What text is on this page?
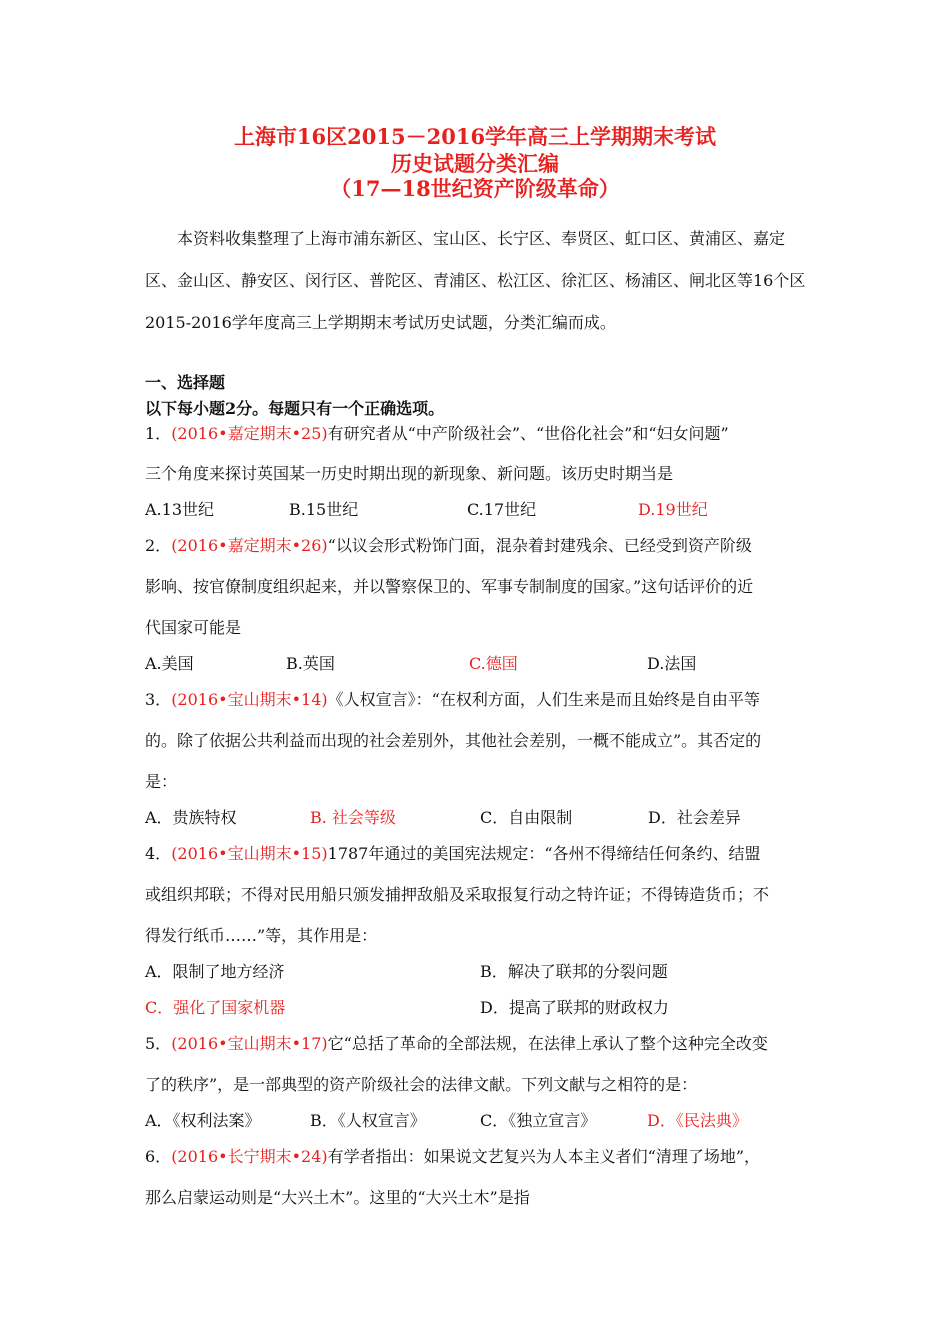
上海市16区2015－2016学年高三上学期期末考试
历史试题分类汇编
（17—18世纪资产阶级革命）
本资料收集整理了上海市浦东新区、宝山区、长宁区、奉贤区、虹口区、黄浦区、嘉定区、金山区、静安区、闵行区、普陀区、青浦区、松江区、徐汇区、杨浦区、闸北区等16个区2015-2016学年度高三上学期期末考试历史试题，分类汇编而成。
一、选择题
以下每小题2分。每题只有一个正确选项。
1．(2016•嘉定期末•25)有研究者从“中产阶级社会”、“世俗化社会”和“妇女问题”
三个角度来探讨英国某一历史时期出现的新现象、新问题。该历史时期当是
A.13世纪	B.15世纪	C.17世纪	D.19世纪
2．(2016•嘉定期末•26)“以议会形式粉饰门面，混杂着封建残余、已经受到资产阶级
影响、按官僚制度组织起来，并以警察保卫的、军事专制制度的国家。”这句话评价的近
代国家可能是
A.美国	B.英国	C.德国	D.法国
3．(2016•宝山期末•14)《人权宣言》：“在权利方面，人们生来是而且始终是自由平等
的。除了依据公共利益而出现的社会差别外，其他社会差别，一概不能成立”。其否定的
是：
A．贵族特权	B. 社会等级	C．自由限制	D．社会差异
4．(2016•宝山期末•15)1787年通过的美国宪法规定：“各州不得缔结任何条约、结盟
或组织邦联；不得对民用船只颁发捕押敌船及采取报复行动之特许证；不得铸造货币；不
得发行纸币……”等，其作用是：
A．限制了地方经济	B．解决了联邦的分裂问题
C．强化了国家机器	D．提高了联邦的财政权力
5．(2016•宝山期末•17)它“总括了革命的全部法规，在法律上承认了整个这种完全改变
了的秩序”，是一部典型的资产阶级社会的法律文献。下列文献与之相符的是：
A．《权利法案》	B．《人权宣言》	C．《独立宣言》	D．《民法典》
6．(2016•长宁期末•24)有学者指出：如果说文艺复兴为人本主义者们“清理了场地”，
那么启蒙运动则是“大兴土木”。这里的“大兴土木”是指
